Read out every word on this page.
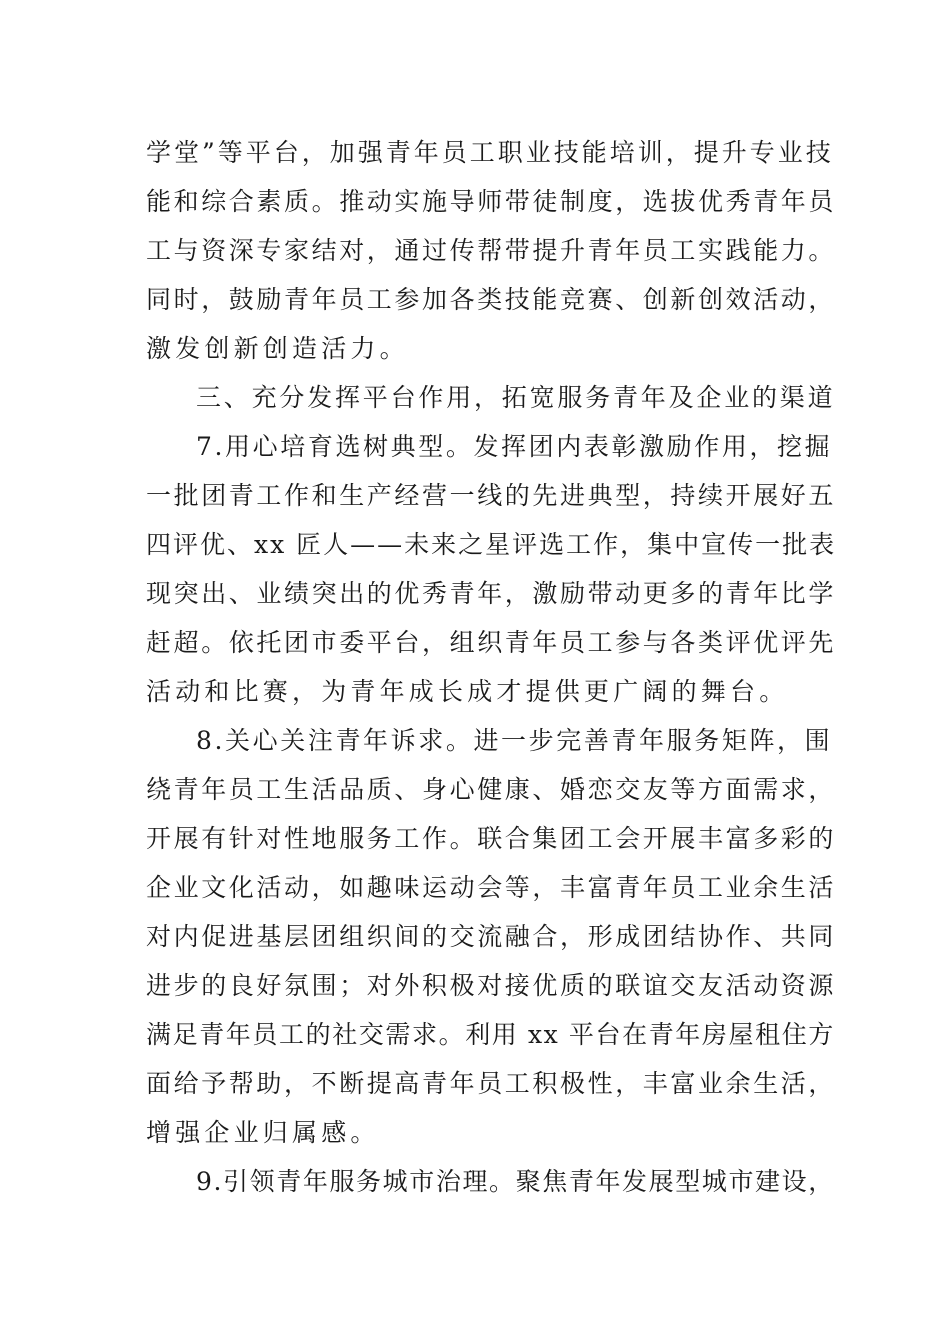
学堂”等平台，加强青年员工职业技能培训，提升专业技
能和综合素质。推动实施导师带徒制度，选拔优秀青年员
工与资深专家结对，通过传帮带提升青年员工实践能力。
同时，鼓励青年员工参加各类技能竞赛、创新创效活动，
激发创新创造活力。
三、充分发挥平台作用，拓宽服务青年及企业的渠道
7.用心培育选树典型。发挥团内表彰激励作用，挖掘
一批团青工作和生产经营一线的先进典型，持续开展好五
四评优、xx 匠人——未来之星评选工作，集中宣传一批表
现突出、业绩突出的优秀青年，激励带动更多的青年比学
赶超。依托团市委平台，组织青年员工参与各类评优评先
活动和比赛，为青年成长成才提供更广阔的舞台。
8.关心关注青年诉求。进一步完善青年服务矩阵，围
绕青年员工生活品质、身心健康、婚恋交友等方面需求，
开展有针对性地服务工作。联合集团工会开展丰富多彩的
企业文化活动，如趣味运动会等，丰富青年员工业余生活
对内促进基层团组织间的交流融合，形成团结协作、共同
进步的良好氛围；对外积极对接优质的联谊交友活动资源
满足青年员工的社交需求。利用 xx 平台在青年房屋租住方
面给予帮助，不断提高青年员工积极性，丰富业余生活，
增强企业归属感。
9.引领青年服务城市治理。聚焦青年发展型城市建设，
